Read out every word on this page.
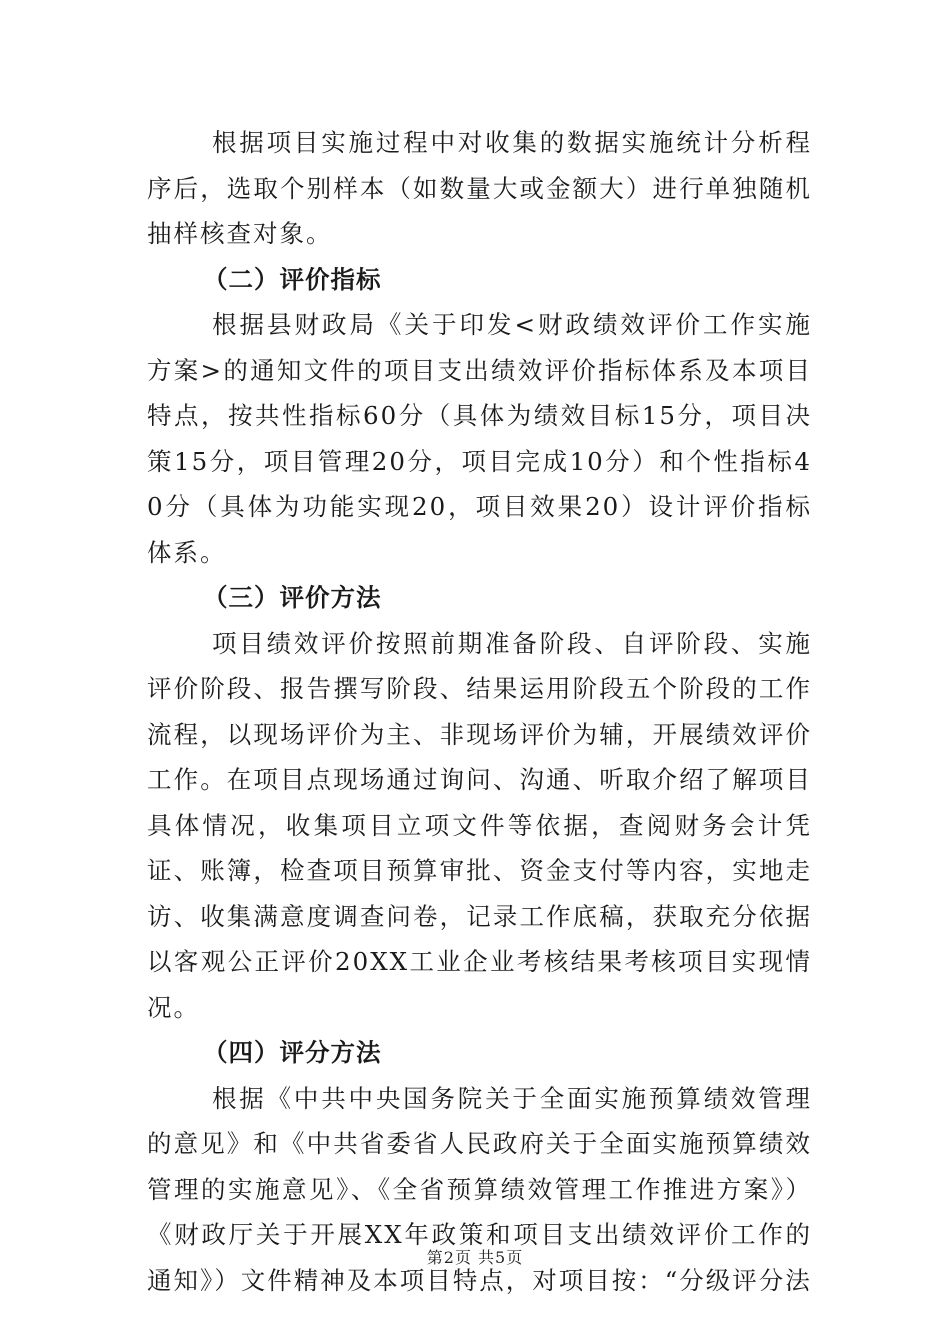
根据项目实施过程中对收集的数据实施统计分析程序后，选取个别样本（如数量大或金额大）进行单独随机抽样核查对象。

（二）评价指标

根据县财政局《关于印发<财政绩效评价工作实施方案>的通知文件的项目支出绩效评价指标体系及本项目特点，按共性指标60分（具体为绩效目标15分，项目决策15分，项目管理20分，项目完成10分）和个性指标40分（具体为功能实现20，项目效果20）设计评价指标体系。

（三）评价方法

项目绩效评价按照前期准备阶段、自评阶段、实施评价阶段、报告撰写阶段、结果运用阶段五个阶段的工作流程，以现场评价为主、非现场评价为辅，开展绩效评价工作。在项目点现场通过询问、沟通、听取介绍了解项目具体情况，收集项目立项文件等依据，查阅财务会计凭证、账簿，检查项目预算审批、资金支付等内容，实地走访、收集满意度调查问卷，记录工作底稿，获取充分依据以客观公正评价20XX工业企业考核结果考核项目实现情况。

（四）评分方法

根据《中共中央国务院关于全面实施预算绩效管理的意见》和《中共省委省人民政府关于全面实施预算绩效管理的实施意见》、《全省预算绩效管理工作推进方案》）《财政厅关于开展XX年政策和项目支出绩效评价工作的通知》）文件精神及本项目特点，对项目按：“分级评分法

第2页 共5页
